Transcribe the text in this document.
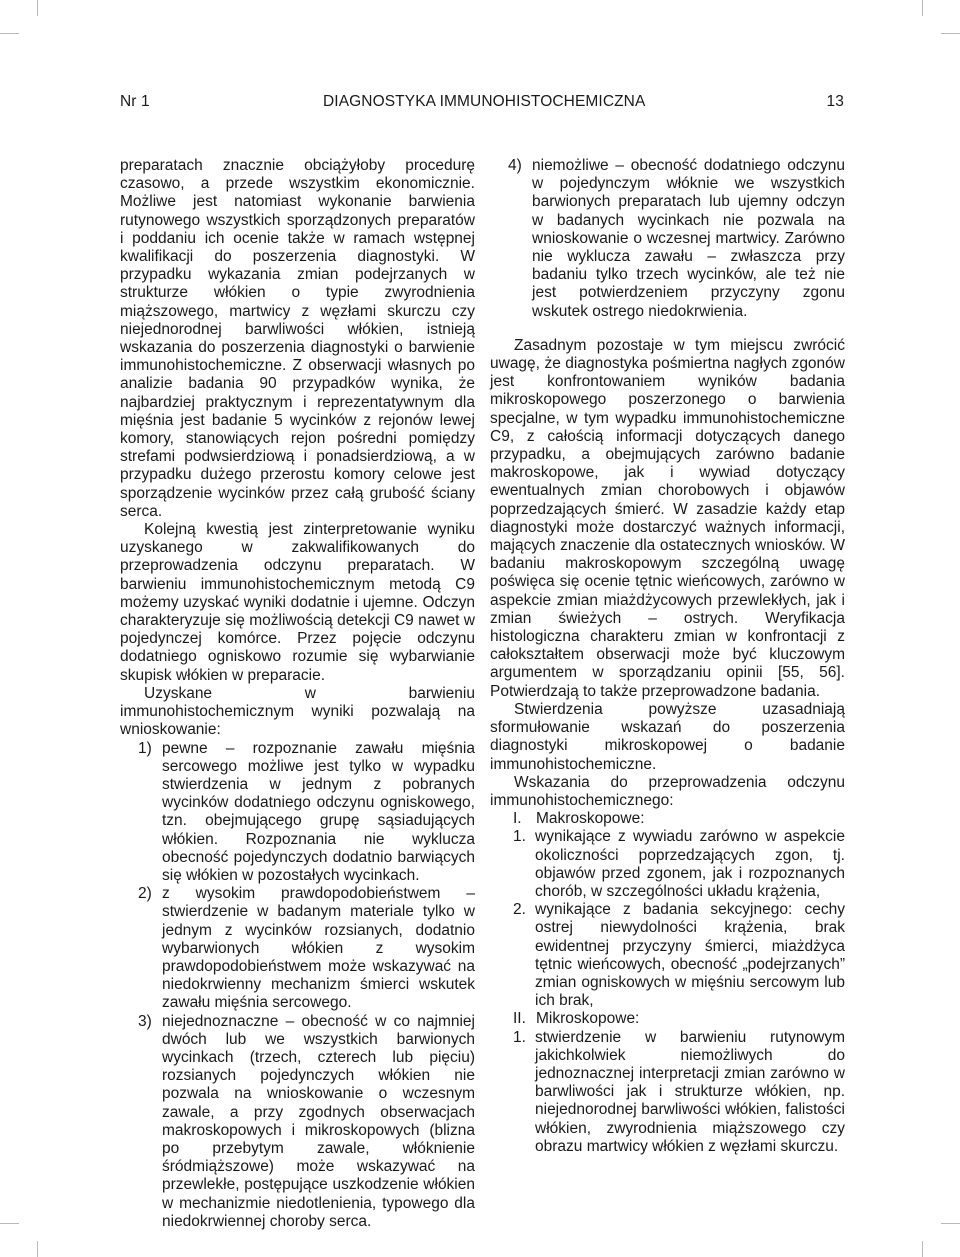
Nr 1	DIAGNOSTYKA IMMUNOHISTOCHEMICZNA	13

preparatach znacznie obciążyłoby procedurę czasowo, a przede wszystkim ekonomicznie. Możliwe jest natomiast wykonanie barwienia rutynowego wszystkich sporządzonych preparatów i poddaniu ich ocenie także w ramach wstępnej kwalifikacji do poszerzenia diagnostyki. W przypadku wykazania zmian podejrzanych w strukturze włókien o typie zwyrodnienia miąższowego, martwicy z węzłami skurczu czy niejednorodnej barwliwości włókien, istnieją wskazania do poszerzenia diagnostyki o barwienie immunohistochemiczne. Z obserwacji własnych po analizie badania 90 przypadków wynika, że najbardziej praktycznym i reprezentatywnym dla mięśnia jest badanie 5 wycinków z rejonów lewej komory, stanowiących rejon pośredni pomiędzy strefami podwsierdziową i ponadsierdziową, a w przypadku dużego przerostu komory celowe jest sporządzenie wycinków przez całą grubość ściany serca.

Kolejną kwestią jest zinterpretowanie wyniku uzyskanego w zakwalifikowanych do przeprowadzenia odczynu preparatach. W barwieniu immunohistochemicznym metodą C9 możemy uzyskać wyniki dodatnie i ujemne. Odczyn charakteryzuje się możliwością detekcji C9 nawet w pojedynczej komórce. Przez pojęcie odczynu dodatniego ogniskowo rozumie się wybarwianie skupisk włókien w preparacie.

Uzyskane w barwieniu immunohistochemicznym wyniki pozwalają na wnioskowanie:

1) pewne – rozpoznanie zawału mięśnia sercowego możliwe jest tylko w wypadku stwierdzenia w jednym z pobranych wycinków dodatniego odczynu ogniskowego, tzn. obejmującego grupę sąsiadujących włókien. Rozpoznania nie wyklucza obecność pojedynczych dodatnio barwiących się włókien w pozostałych wycinkach.
2) z wysokim prawdopodobieństwem – stwierdzenie w badanym materiale tylko w jednym z wycinków rozsianych, dodatnio wybarwionych włókien z wysokim prawdopodobieństwem może wskazywać na niedokrwienny mechanizm śmierci wskutek zawału mięśnia sercowego.
3) niejednoznaczne – obecność w co najmniej dwóch lub we wszystkich barwionych wycinkach (trzech, czterech lub pięciu) rozsianych pojedynczych włókien nie pozwala na wnioskowanie o wczesnym zawale, a przy zgodnych obserwacjach makroskopowych i mikroskopowych (blizna po przebytym zawale, włóknienie śródmiąższowe) może wskazywać na przewlekłe, postępujące uszkodzenie włókien w mechanizmie niedotlenienia, typowego dla niedokrwiennej choroby serca.
4) niemożliwe – obecność dodatniego odczynu w pojedynczym włóknie we wszystkich barwionych preparatach lub ujemny odczyn w badanych wycinkach nie pozwala na wnioskowanie o wczesnej martwicy. Zarówno nie wyklucza zawału – zwłaszcza przy badaniu tylko trzech wycinków, ale też nie jest potwierdzeniem przyczyny zgonu wskutek ostrego niedokrwienia.

Zasadnym pozostaje w tym miejscu zwrócić uwagę, że diagnostyka pośmiertna nagłych zgonów jest konfrontowaniem wyników badania mikroskopowego poszerzonego o barwienia specjalne, w tym wypadku immunohistochemiczne C9, z całością informacji dotyczących danego przypadku, a obejmujących zarówno badanie makroskopowe, jak i wywiad dotyczący ewentualnych zmian chorobowych i objawów poprzedzających śmierć. W zasadzie każdy etap diagnostyki może dostarczyć ważnych informacji, mających znaczenie dla ostatecznych wniosków. W badaniu makroskopowym szczególną uwagę poświęca się ocenie tętnic wieńcowych, zarówno w aspekcie zmian miażdżycowych przewlekłych, jak i zmian świeżych – ostrych. Weryfikacja histologiczna charakteru zmian w konfrontacji z całokształtem obserwacji może być kluczowym argumentem w sporządzaniu opinii [55, 56]. Potwierdzają to także przeprowadzone badania.

Stwierdzenia powyższe uzasadniają sformułowanie wskazań do poszerzenia diagnostyki mikroskopowej o badanie immunohistochemiczne.

Wskazania do przeprowadzenia odczynu immunohistochemicznego:

I. Makroskopowe:
1. wynikające z wywiadu zarówno w aspekcie okoliczności poprzedzających zgon, tj. objawów przed zgonem, jak i rozpoznanych chorób, w szczególności układu krążenia,
2. wynikające z badania sekcyjnego: cechy ostrej niewydolności krążenia, brak ewidentnej przyczyny śmierci, miażdżyca tętnic wieńcowych, obecność „podejrzanych” zmian ogniskowych w mięśniu sercowym lub ich brak,
II. Mikroskopowe:
1. stwierdzenie w barwieniu rutynowym jakichkolwiek niemożliwych do jednoznacznej interpretacji zmian zarówno w barwliwości jak i strukturze włókien, np. niejednorodnej barwliwości włókien, falistości włókien, zwyrodnienia miąższowego czy obrazu martwicy włókien z węzłami skurczu.
